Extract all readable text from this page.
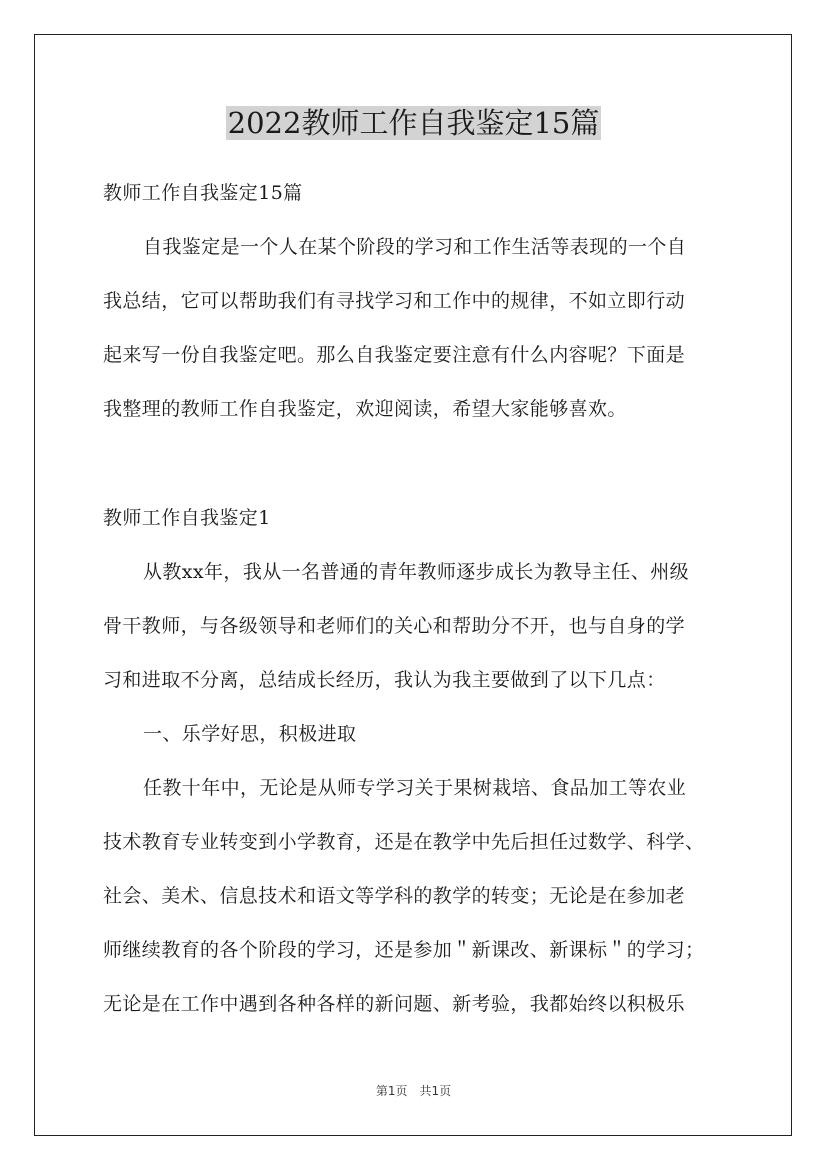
2022教师工作自我鉴定15篇
教师工作自我鉴定15篇
自我鉴定是一个人在某个阶段的学习和工作生活等表现的一个自
我总结，它可以帮助我们有寻找学习和工作中的规律，不如立即行动
起来写一份自我鉴定吧。那么自我鉴定要注意有什么内容呢？下面是
我整理的教师工作自我鉴定，欢迎阅读，希望大家能够喜欢。
教师工作自我鉴定1
从教xx年，我从一名普通的青年教师逐步成长为教导主任、州级
骨干教师，与各级领导和老师们的关心和帮助分不开，也与自身的学
习和进取不分离，总结成长经历，我认为我主要做到了以下几点：
一、乐学好思，积极进取
任教十年中，无论是从师专学习关于果树栽培、食品加工等农业
技术教育专业转变到小学教育，还是在教学中先后担任过数学、科学、
社会、美术、信息技术和语文等学科的教学的转变；无论是在参加老
师继续教育的各个阶段的学习，还是参加＂新课改、新课标＂的学习；
无论是在工作中遇到各种各样的新问题、新考验，我都始终以积极乐
第1页　共1页
